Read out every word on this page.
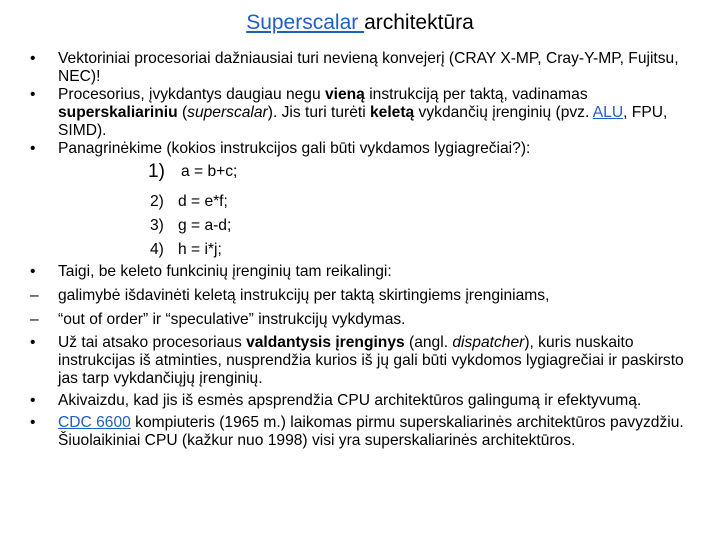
Superscalar architektūra

•	Vektoriniai procesoriai dažniausiai turi nevieną konvejerį (CRAY X-MP, Cray-Y-MP, Fujitsu, NEC)!

•	Procesorius, įvykdantys daugiau negu vieną instrukciją per taktą, vadinamas superskaliariniu (superscalar). Jis turi turėti keletą vykdančių įrenginių (pvz. ALU, FPU, SIMD).

•	Panagrinėkime (kokios instrukcijos gali būti vykdamos lygiagrečiai?):

1) a = b+c;
2) d = e*f;
3) g = a-d;
4) h = i*j;

•	Taigi, be keleto funkcinių įrenginių tam reikalingi:

–	galimybė išdavinėti keletą instrukcijų per taktą skirtingiems įrenginiams,

–	“out of order” ir “speculative” instrukcijų vykdymas.

•	Už tai atsako procesoriaus valdantysis įrenginys (angl. dispatcher), kuris nuskaito instrukcijas iš atminties, nusprendžia kurios iš jų gali būti vykdomos lygiagrečiai ir paskirsto jas tarp vykdančiųjų įrenginių.

•	Akivaizdu, kad jis iš esmės apsprendžia CPU architektūros galingumą ir efektyvumą.

•	CDC 6600 kompiuteris (1965 m.) laikomas pirmu superskaliarinės architektūros pavyzdžiu. Šiuolaikiniai CPU (kažkur nuo 1998) visi yra superskaliarinės architektūros.
